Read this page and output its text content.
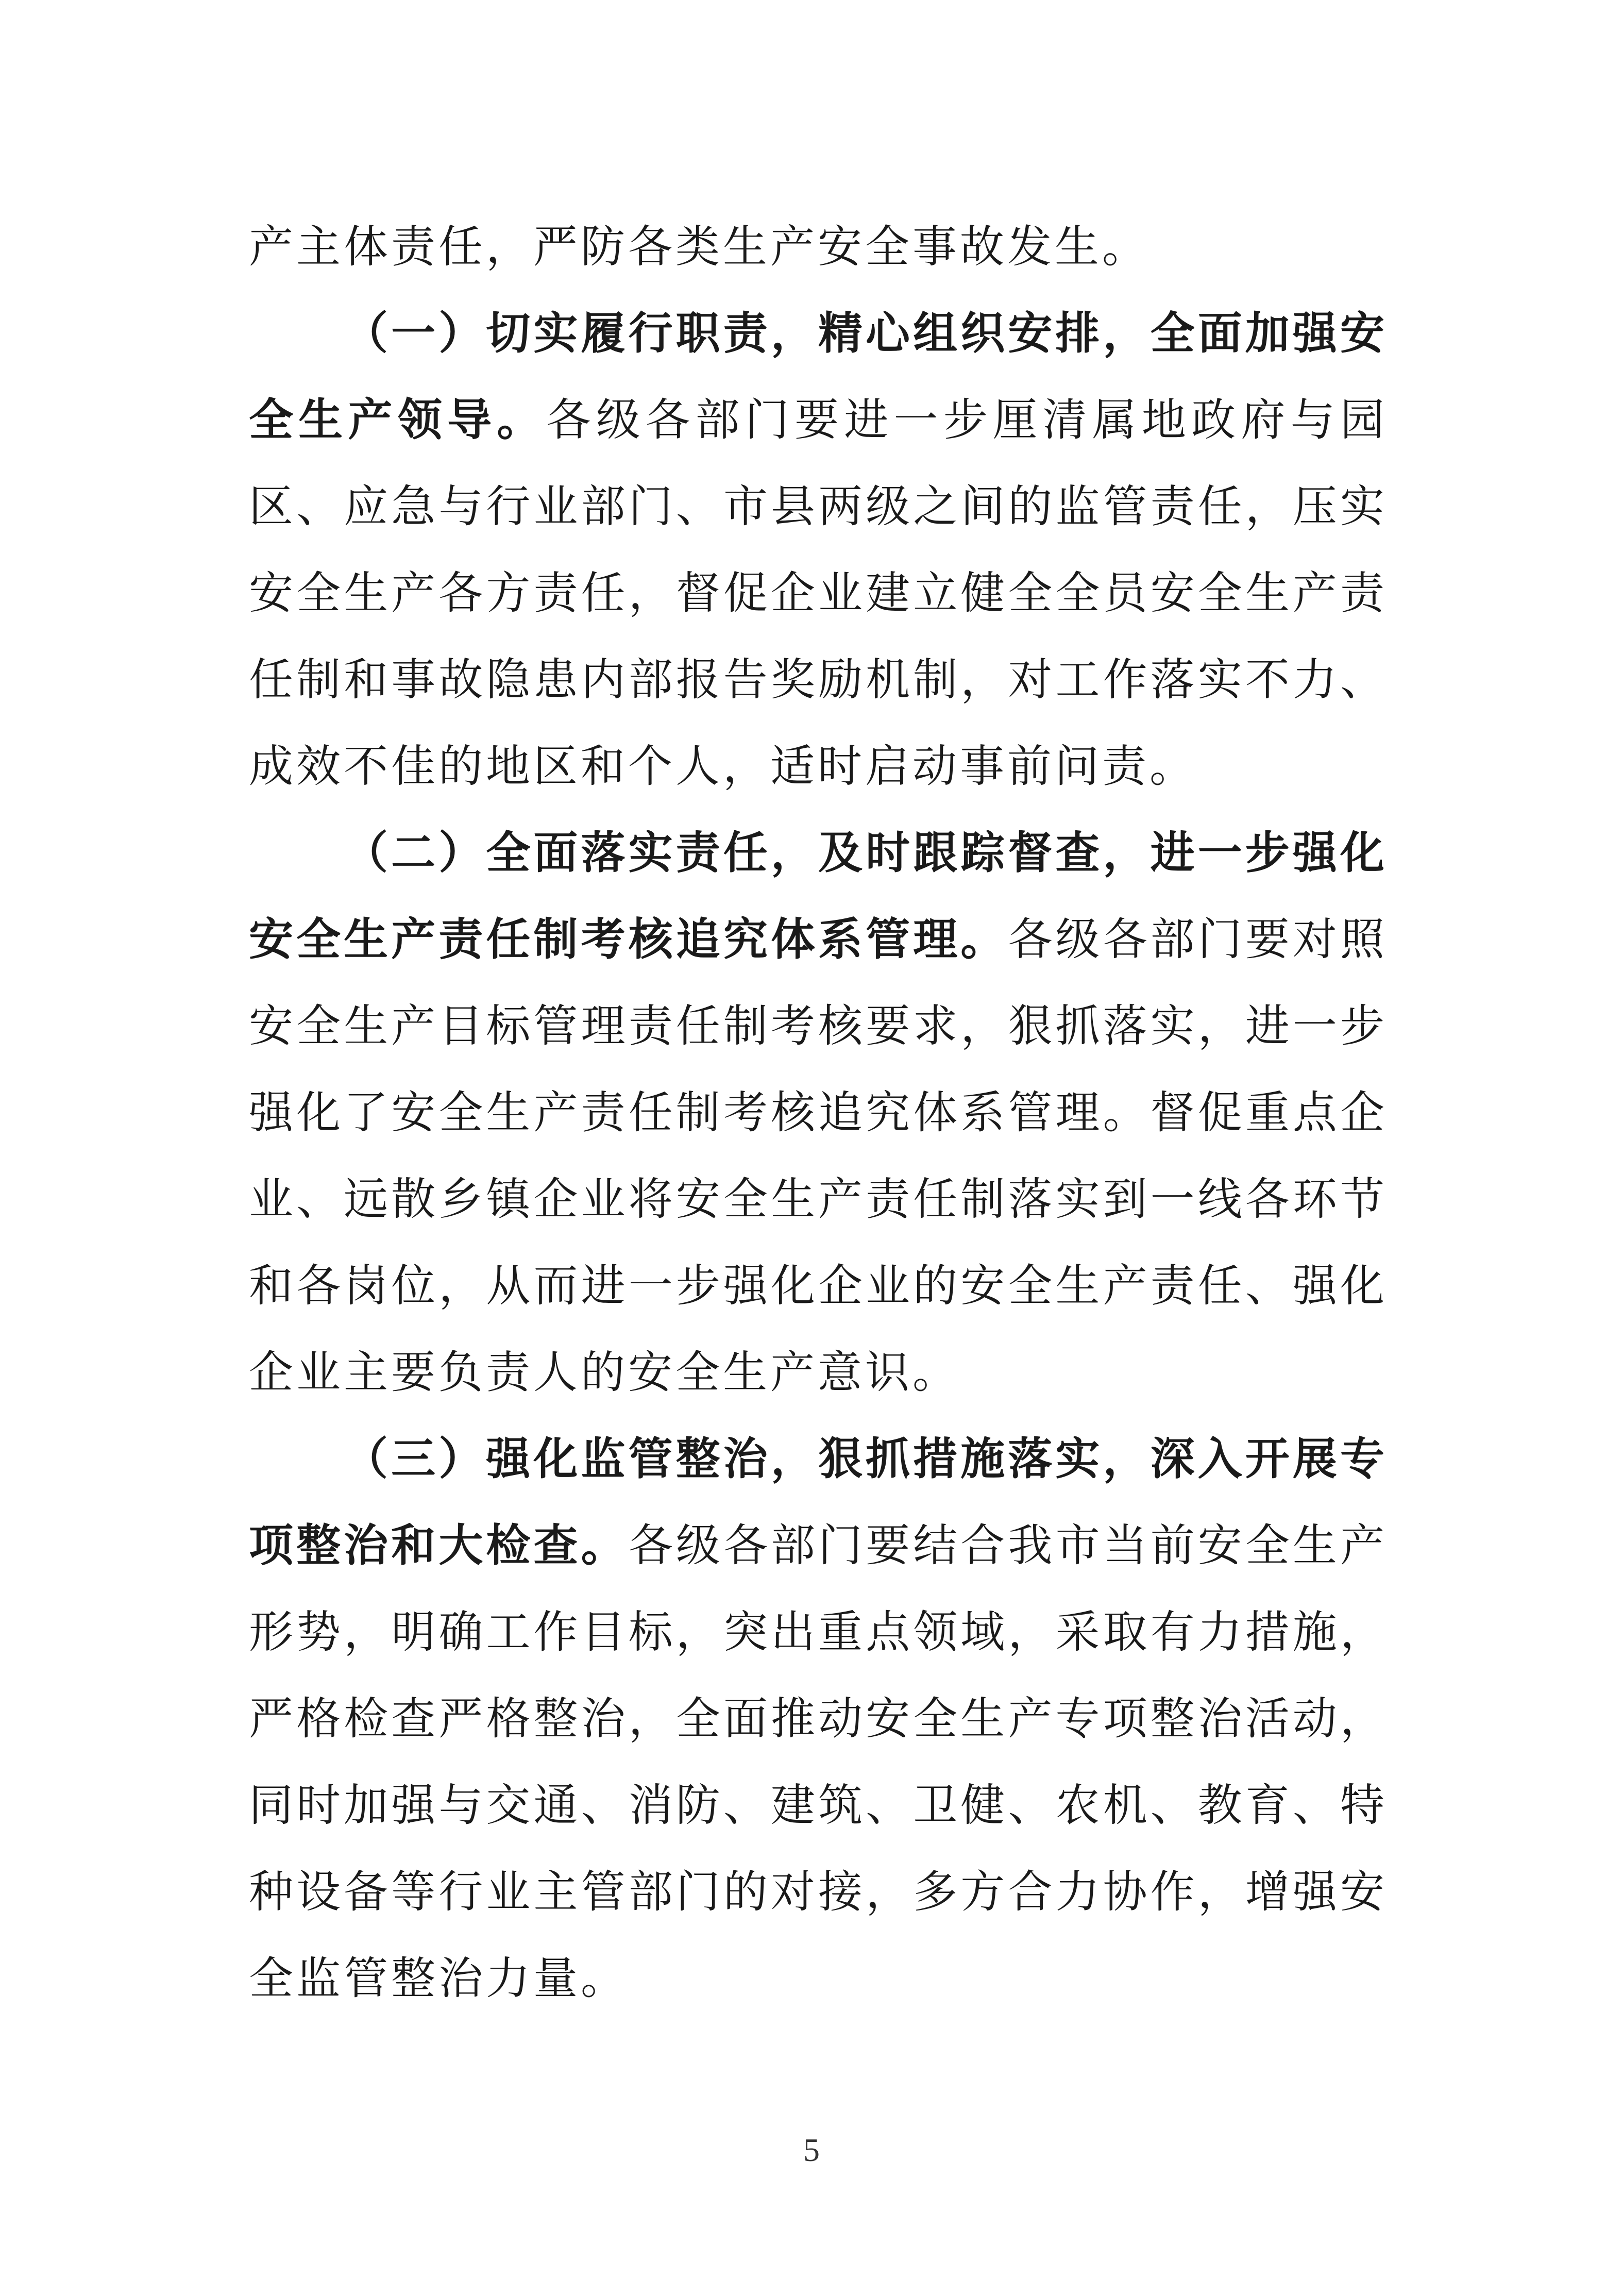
产主体责任，严防各类生产安全事故发生。

（一）切实履行职责，精心组织安排，全面加强安全生产领导。各级各部门要进一步厘清属地政府与园区、应急与行业部门、市县两级之间的监管责任，压实安全生产各方责任，督促企业建立健全全员安全生产责任制和事故隐患内部报告奖励机制，对工作落实不力、成效不佳的地区和个人，适时启动事前问责。

（二）全面落实责任，及时跟踪督查，进一步强化安全生产责任制考核追究体系管理。各级各部门要对照安全生产目标管理责任制考核要求，狠抓落实，进一步强化了安全生产责任制考核追究体系管理。督促重点企业、远散乡镇企业将安全生产责任制落实到一线各环节和各岗位，从而进一步强化企业的安全生产责任、强化企业主要负责人的安全生产意识。

（三）强化监管整治，狠抓措施落实，深入开展专项整治和大检查。各级各部门要结合我市当前安全生产形势，明确工作目标，突出重点领域，采取有力措施，严格检查严格整治，全面推动安全生产专项整治活动，同时加强与交通、消防、建筑、卫健、农机、教育、特种设备等行业主管部门的对接，多方合力协作，增强安全监管整治力量。

5
